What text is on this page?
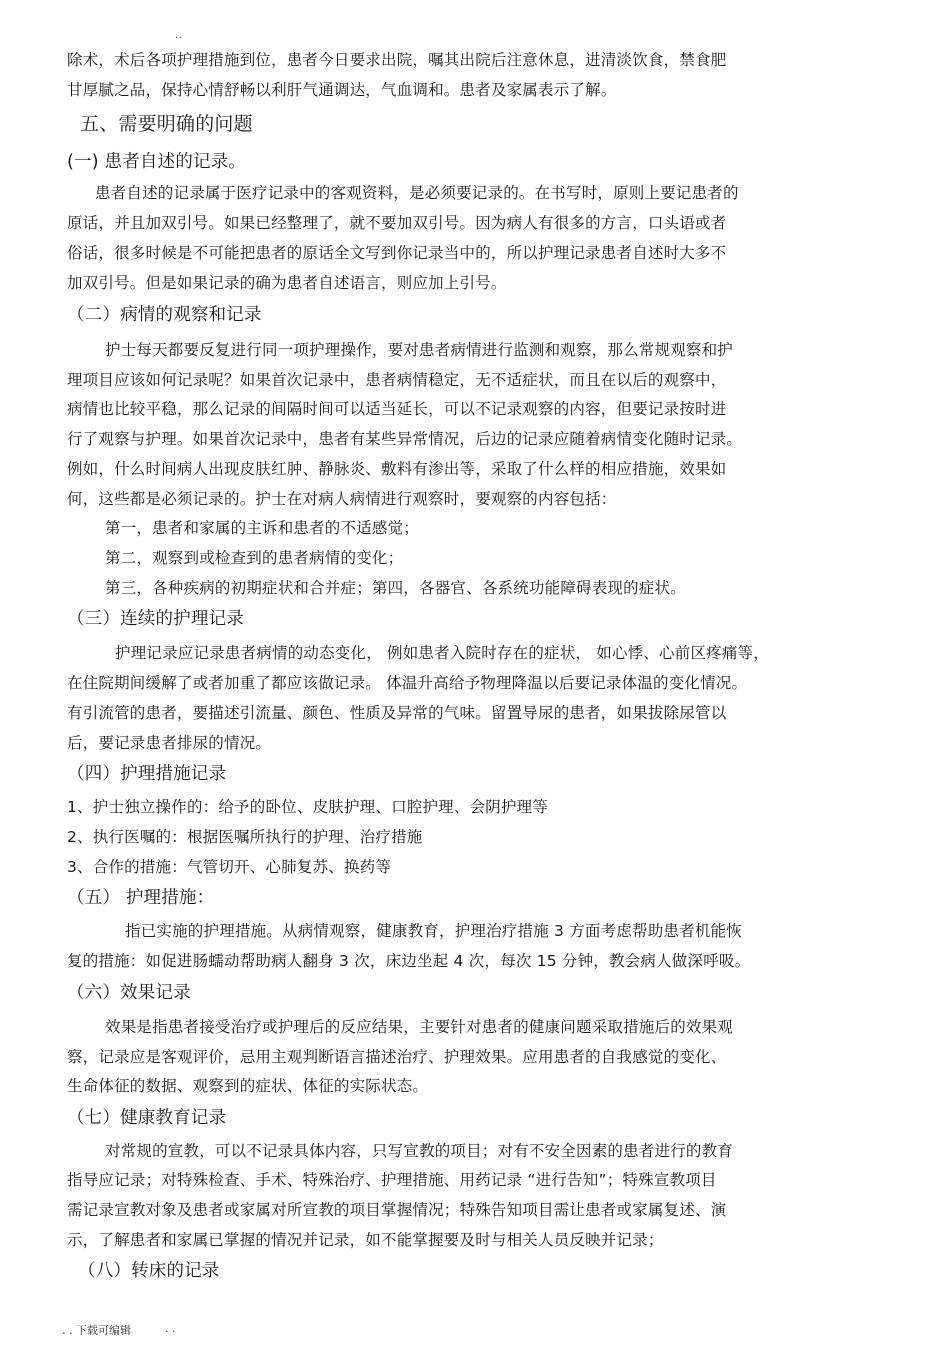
..
除术，术后各项护理措施到位，患者今日要求出院，嘱其出院后注意休息，进清淡饮食，禁食肥
甘厚腻之品，保持心情舒畅以利肝气通调达，气血调和。患者及家属表示了解。
五、需要明确的问题
(一) 患者自述的记录。
患者自述的记录属于医疗记录中的客观资料，是必须要记录的。在书写时，原则上要记患者的
原话，并且加双引号。如果已经整理了，就不要加双引号。因为病人有很多的方言，口头语或者
俗话，很多时候是不可能把患者的原话全文写到你记录当中的，所以护理记录患者自述时大多不
加双引号。但是如果记录的确为患者自述语言，则应加上引号。
（二）病情的观察和记录
护士每天都要反复进行同一项护理操作，要对患者病情进行监测和观察，那么常规观察和护
理项目应该如何记录呢？如果首次记录中，患者病情稳定，无不适症状，而且在以后的观察中，
病情也比较平稳，那么记录的间隔时间可以适当延长，可以不记录观察的内容，但要记录按时进
行了观察与护理。如果首次记录中，患者有某些异常情况，后边的记录应随着病情变化随时记录。
例如，什么时间病人出现皮肤红肿、静脉炎、敷料有渗出等，采取了什么样的相应措施，效果如
何，这些都是必须记录的。护士在对病人病情进行观察时，要观察的内容包括：
第一，患者和家属的主诉和患者的不适感觉；
第二，观察到或检查到的患者病情的变化；
第三，各种疾病的初期症状和合并症；第四，各器官、各系统功能障碍表现的症状。
（三）连续的护理记录
护理记录应记录患者病情的动态变化， 例如患者入院时存在的症状， 如心悸、心前区疼痛等，
在住院期间缓解了或者加重了都应该做记录。 体温升高给予物理降温以后要记录体温的变化情况。
有引流管的患者，要描述引流量、颜色、性质及异常的气味。留置导尿的患者，如果拔除尿管以
后，要记录患者排尿的情况。
（四）护理措施记录
1、护士独立操作的：给予的卧位、皮肤护理、口腔护理、会阴护理等
2、执行医嘱的：根据医嘱所执行的护理、治疗措施
3、合作的措施：气管切开、心肺复苏、换药等
（五） 护理措施：
指已实施的护理措施。从病情观察，健康教育，护理治疗措施 3 方面考虑帮助患者机能恢
复的措施：如促进肠蠕动帮助病人翻身 3 次，床边坐起 4 次，每次 15 分钟，教会病人做深呼吸。
（六）效果记录
效果是指患者接受治疗或护理后的反应结果，主要针对患者的健康问题采取措施后的效果观
察，记录应是客观评价，忌用主观判断语言描述治疗、护理效果。应用患者的自我感觉的变化、
生命体征的数据、观察到的症状、体征的实际状态。
（七）健康教育记录
对常规的宣教，可以不记录具体内容，只写宣教的项目；对有不安全因素的患者进行的教育
指导应记录；对特殊检查、手术、特殊治疗、护理措施、用药记录 “进行告知”；特殊宣教项目
需记录宣教对象及患者或家属对所宣教的项目掌握情况；特殊告知项目需让患者或家属复述、演
示，了解患者和家属已掌握的情况并记录，如不能掌握要及时与相关人员反映并记录；
（八）转床的记录
. . 下载可编辑	. .
